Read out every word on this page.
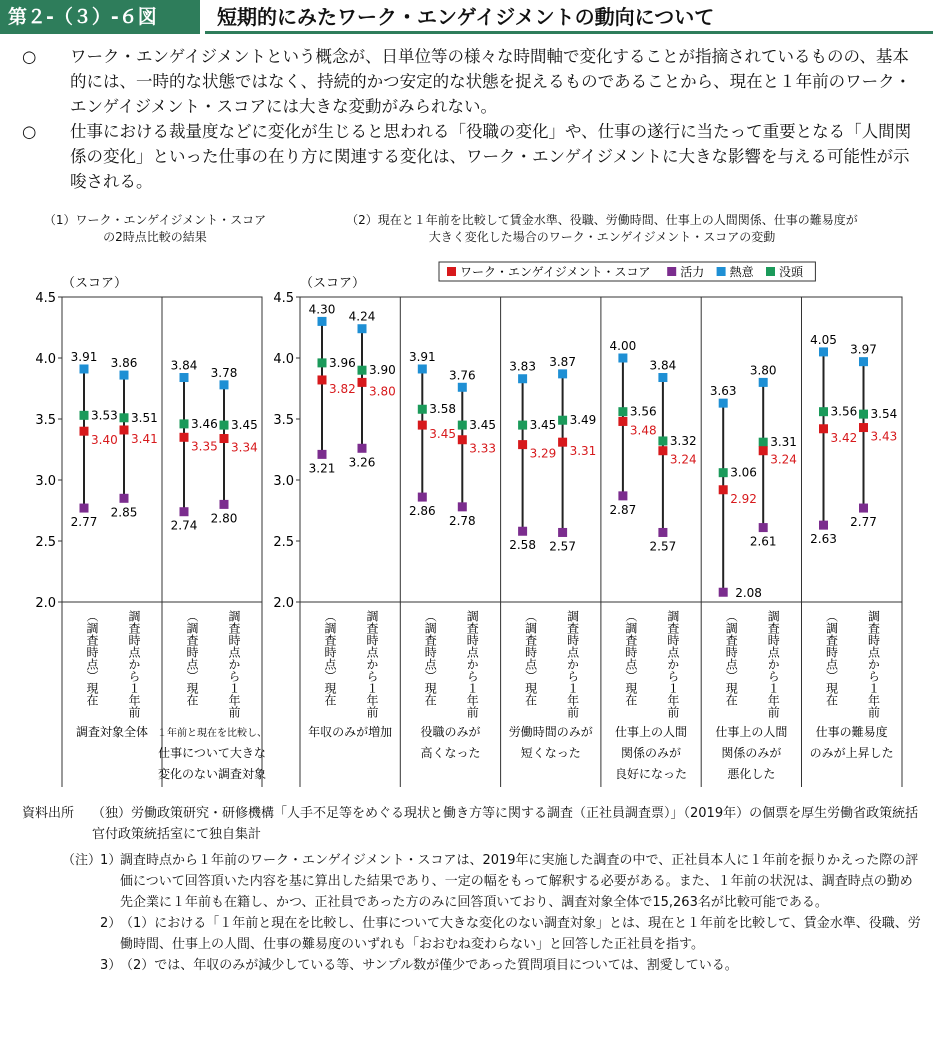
第２-（３）-６図	短期的にみたワーク・エンゲイジメントの動向について
○ ワーク・エンゲイジメントという概念が、日単位等の様々な時間軸で変化することが指摘されているものの、基本的には、一時的な状態ではなく、持続的かつ安定的な状態を捉えるものであることから、現在と１年前のワーク・エンゲイジメント・スコアには大きな変動がみられない。
○ 仕事における裁量度などに変化が生じると思われる「役職の変化」や、仕事の遂行に当たって重要となる「人間関係の変化」といった仕事の在り方に関連する変化は、ワーク・エンゲイジメントに大きな影響を与える可能性が示唆される。
（1）ワーク・エンゲイジメント・スコア
の2時点比較の結果
（2）現在と１年前を比較して賃金水準、役職、労働時間、仕事上の人間関係、仕事の難易度が
大きく変化した場合のワーク・エンゲイジメント・スコアの変動
（スコア）	（スコア）
4.5
4.0
3.5
3.0
2.5
2.0
4.5
4.0
3.5
3.0
2.5
2.0
ワーク・エンゲイジメント・スコア 活力 熱意 没頭
3.91
3.53
3.40
2.77
3.86
3.51
3.41
2.85
（調査時点）現在 調査時点から１年前
調査対象全体
3.84
3.46
3.35
2.74
3.78
3.45
3.34
2.80
（調査時点）現在 調査時点から１年前
１年前と現在を比較し、
仕事について大きな
変化のない調査対象
4.30
3.96
3.82
3.21
4.24
3.90
3.80
3.26
（調査時点）現在 調査時点から１年前
年収のみが増加
3.91
3.58
3.45
2.86
3.76
3.45
3.33
2.78
（調査時点）現在 調査時点から１年前
役職のみが
高くなった
3.83
3.45
3.29
2.58
3.87
3.49
3.31
2.57
（調査時点）現在 調査時点から１年前
労働時間のみが
短くなった
4.00
3.56
3.48
2.87
3.84
3.32
3.24
2.57
（調査時点）現在 調査時点から１年前
仕事上の人間
関係のみが
良好になった
3.63
3.06
2.92
2.08
3.80
3.31
3.24
2.61
（調査時点）現在 調査時点から１年前
仕事上の人間
関係のみが
悪化した
4.05
3.56
3.42
2.63
3.97
3.54
3.43
2.77
（調査時点）現在 調査時点から１年前
仕事の難易度
のみが上昇した
資料出所	（独）労働政策研究・研修機構「人手不足等をめぐる現状と働き方等に関する調査（正社員調査票）」（2019年）の個票を厚生労働省政策統括官付政策統括室にて独自集計
（注）
1）調査時点から１年前のワーク・エンゲイジメント・スコアは、2019年に実施した調査の中で、正社員本人に１年前を振りかえった際の評価について回答頂いた内容を基に算出した結果であり、一定の幅をもって解釈する必要がある。また、１年前の状況は、調査時点の勤め先企業に１年前も在籍し、かつ、正社員であった方のみに回答頂いており、調査対象全体で15,263名が比較可能である。
2）（1）における「１年前と現在を比較し、仕事について大きな変化のない調査対象」とは、現在と１年前を比較して、賃金水準、役職、労働時間、仕事上の人間、仕事の難易度のいずれも「おおむね変わらない」と回答した正社員を指す。
3）（2）では、年収のみが減少している等、サンプル数が僅少であった質問項目については、割愛している。
